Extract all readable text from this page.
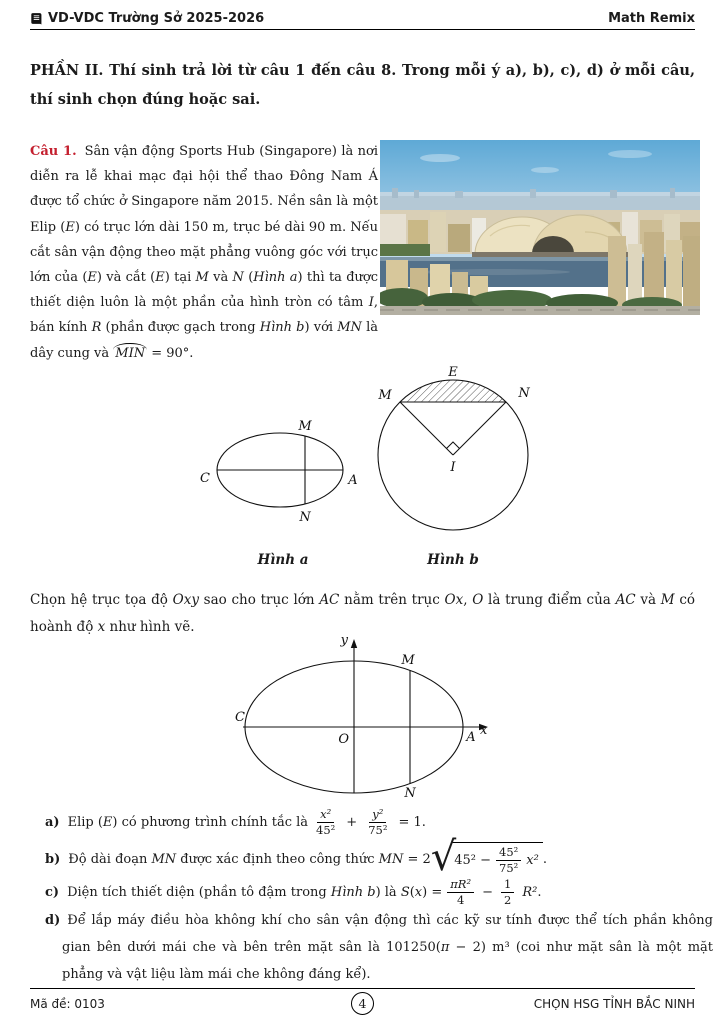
VD-VDC Trường Sở 2025-2026	Math Remix
PHẦN II. Thí sinh trả lời từ câu 1 đến câu 8. Trong mỗi ý a), b), c), d) ở mỗi câu, thí sinh chọn đúng hoặc sai.
Câu 1. Sân vận động Sports Hub (Singapore) là nơi diễn ra lễ khai mạc đại hội thể thao Đông Nam Á được tổ chức ở Singapore năm 2015. Nền sân là một Elip (E) có trục lớn dài 150 m, trục bé dài 90 m. Nếu cắt sân vận động theo mặt phẳng vuông góc với trục lớn của (E) và cắt (E) tại M và N (Hình a) thì ta được thiết diện luôn là một phần của hình tròn có tâm I, bán kính R (phần được gạch trong Hình b) với MN là dây cung và MIN = 90°.
M
N
C	A
E
M	N
I
Hình a	Hình b
Chọn hệ trục tọa độ Oxy sao cho trục lớn AC nằm trên trục Ox, O là trung điểm của AC và M có hoành độ x như hình vẽ.
y
M
N
C
O	A x
a) Elip (E) có phương trình chính tắc là $\frac{\text{x²}}{\text{45²}} + \frac{\text{y²}}{\text{75²}} = 1$.
b) Độ dài đoạn MN được xác định theo công thức MN = 2 √
$45^2 - \frac{\text{45²}}{\text{75²}} x^2$ .
c) Diện tích thiết diện (phần tô đậm trong Hình b) là $S(x) = \frac{\text{πR²}}{4} - \frac{1}{2} R^2$.
d) Để lắp máy điều hòa không khí cho sân vận động thì các kỹ sư tính được thể tích phần không gian bên dưới mái che và bên trên mặt sân là 101250(π − 2) m³ (coi như mặt sân là một mặt phẳng và vật liệu làm mái che không đáng kể).
Mã đề: 0103	4	CHỌN HSG TỈNH BẮC NINH
